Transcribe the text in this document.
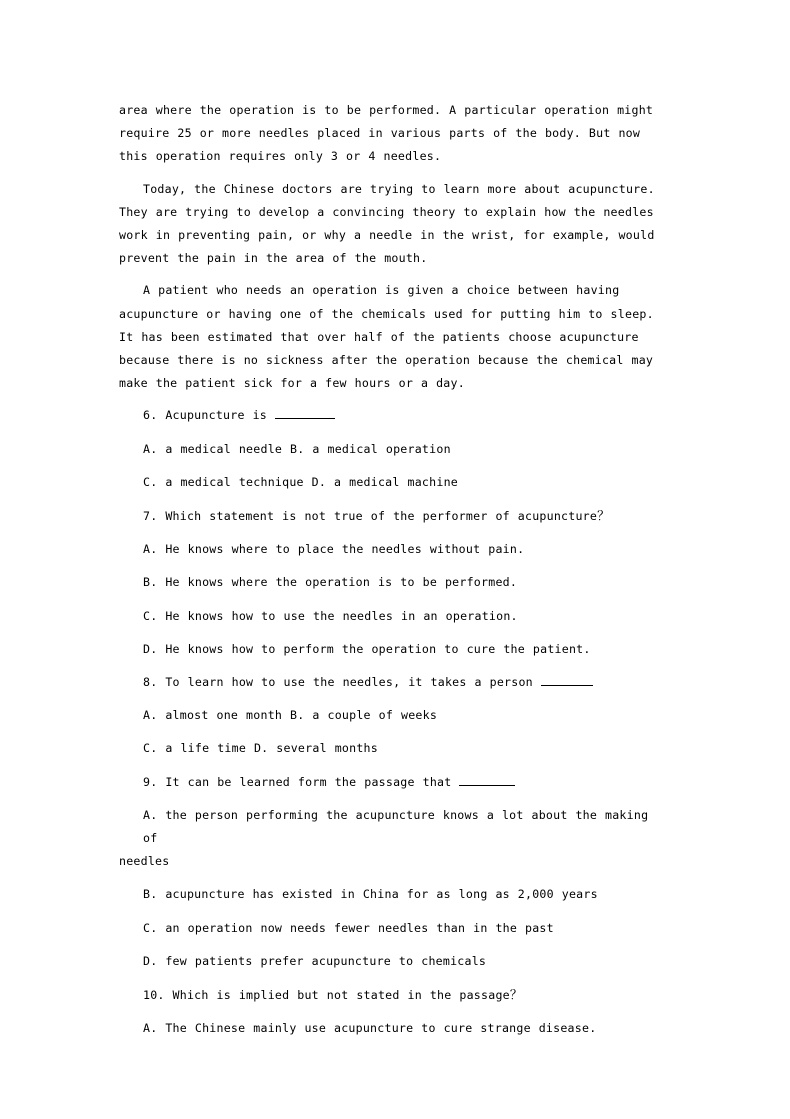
area where the operation is to be performed. A particular operation might require 25 or more needles placed in various parts of the body. But now this operation requires only 3 or 4 needles.

Today, the Chinese doctors are trying to learn more about acupuncture. They are trying to develop a convincing theory to explain how the needles work in preventing pain, or why a needle in the wrist, for example, would prevent the pain in the area of the mouth.

A patient who needs an operation is given a choice between having acupuncture or having one of the chemicals used for putting him to sleep. It has been estimated that over half of the patients choose acupuncture because there is no sickness after the operation because the chemical may make the patient sick for a few hours or a day.

6. Acupuncture is

A. a medical needle B. a medical operation

C. a medical technique D. a medical machine

7. Which statement is not true of the performer of acupuncture？

A. He knows where to place the needles without pain.

B. He knows where the operation is to be performed.

C. He knows how to use the needles in an operation.

D. He knows how to perform the operation to cure the patient.

8. To learn how to use the needles, it takes a person

A. almost one month B. a couple of weeks

C. a life time D. several months

9. It can be learned form the passage that

A. the person performing the acupuncture knows a lot about the making of
needles

B. acupuncture has existed in China for as long as 2,000 years

C. an operation now needs fewer needles than in the past

D. few patients prefer acupuncture to chemicals

10. Which is implied but not stated in the passage？

A. The Chinese mainly use acupuncture to cure strange disease.
